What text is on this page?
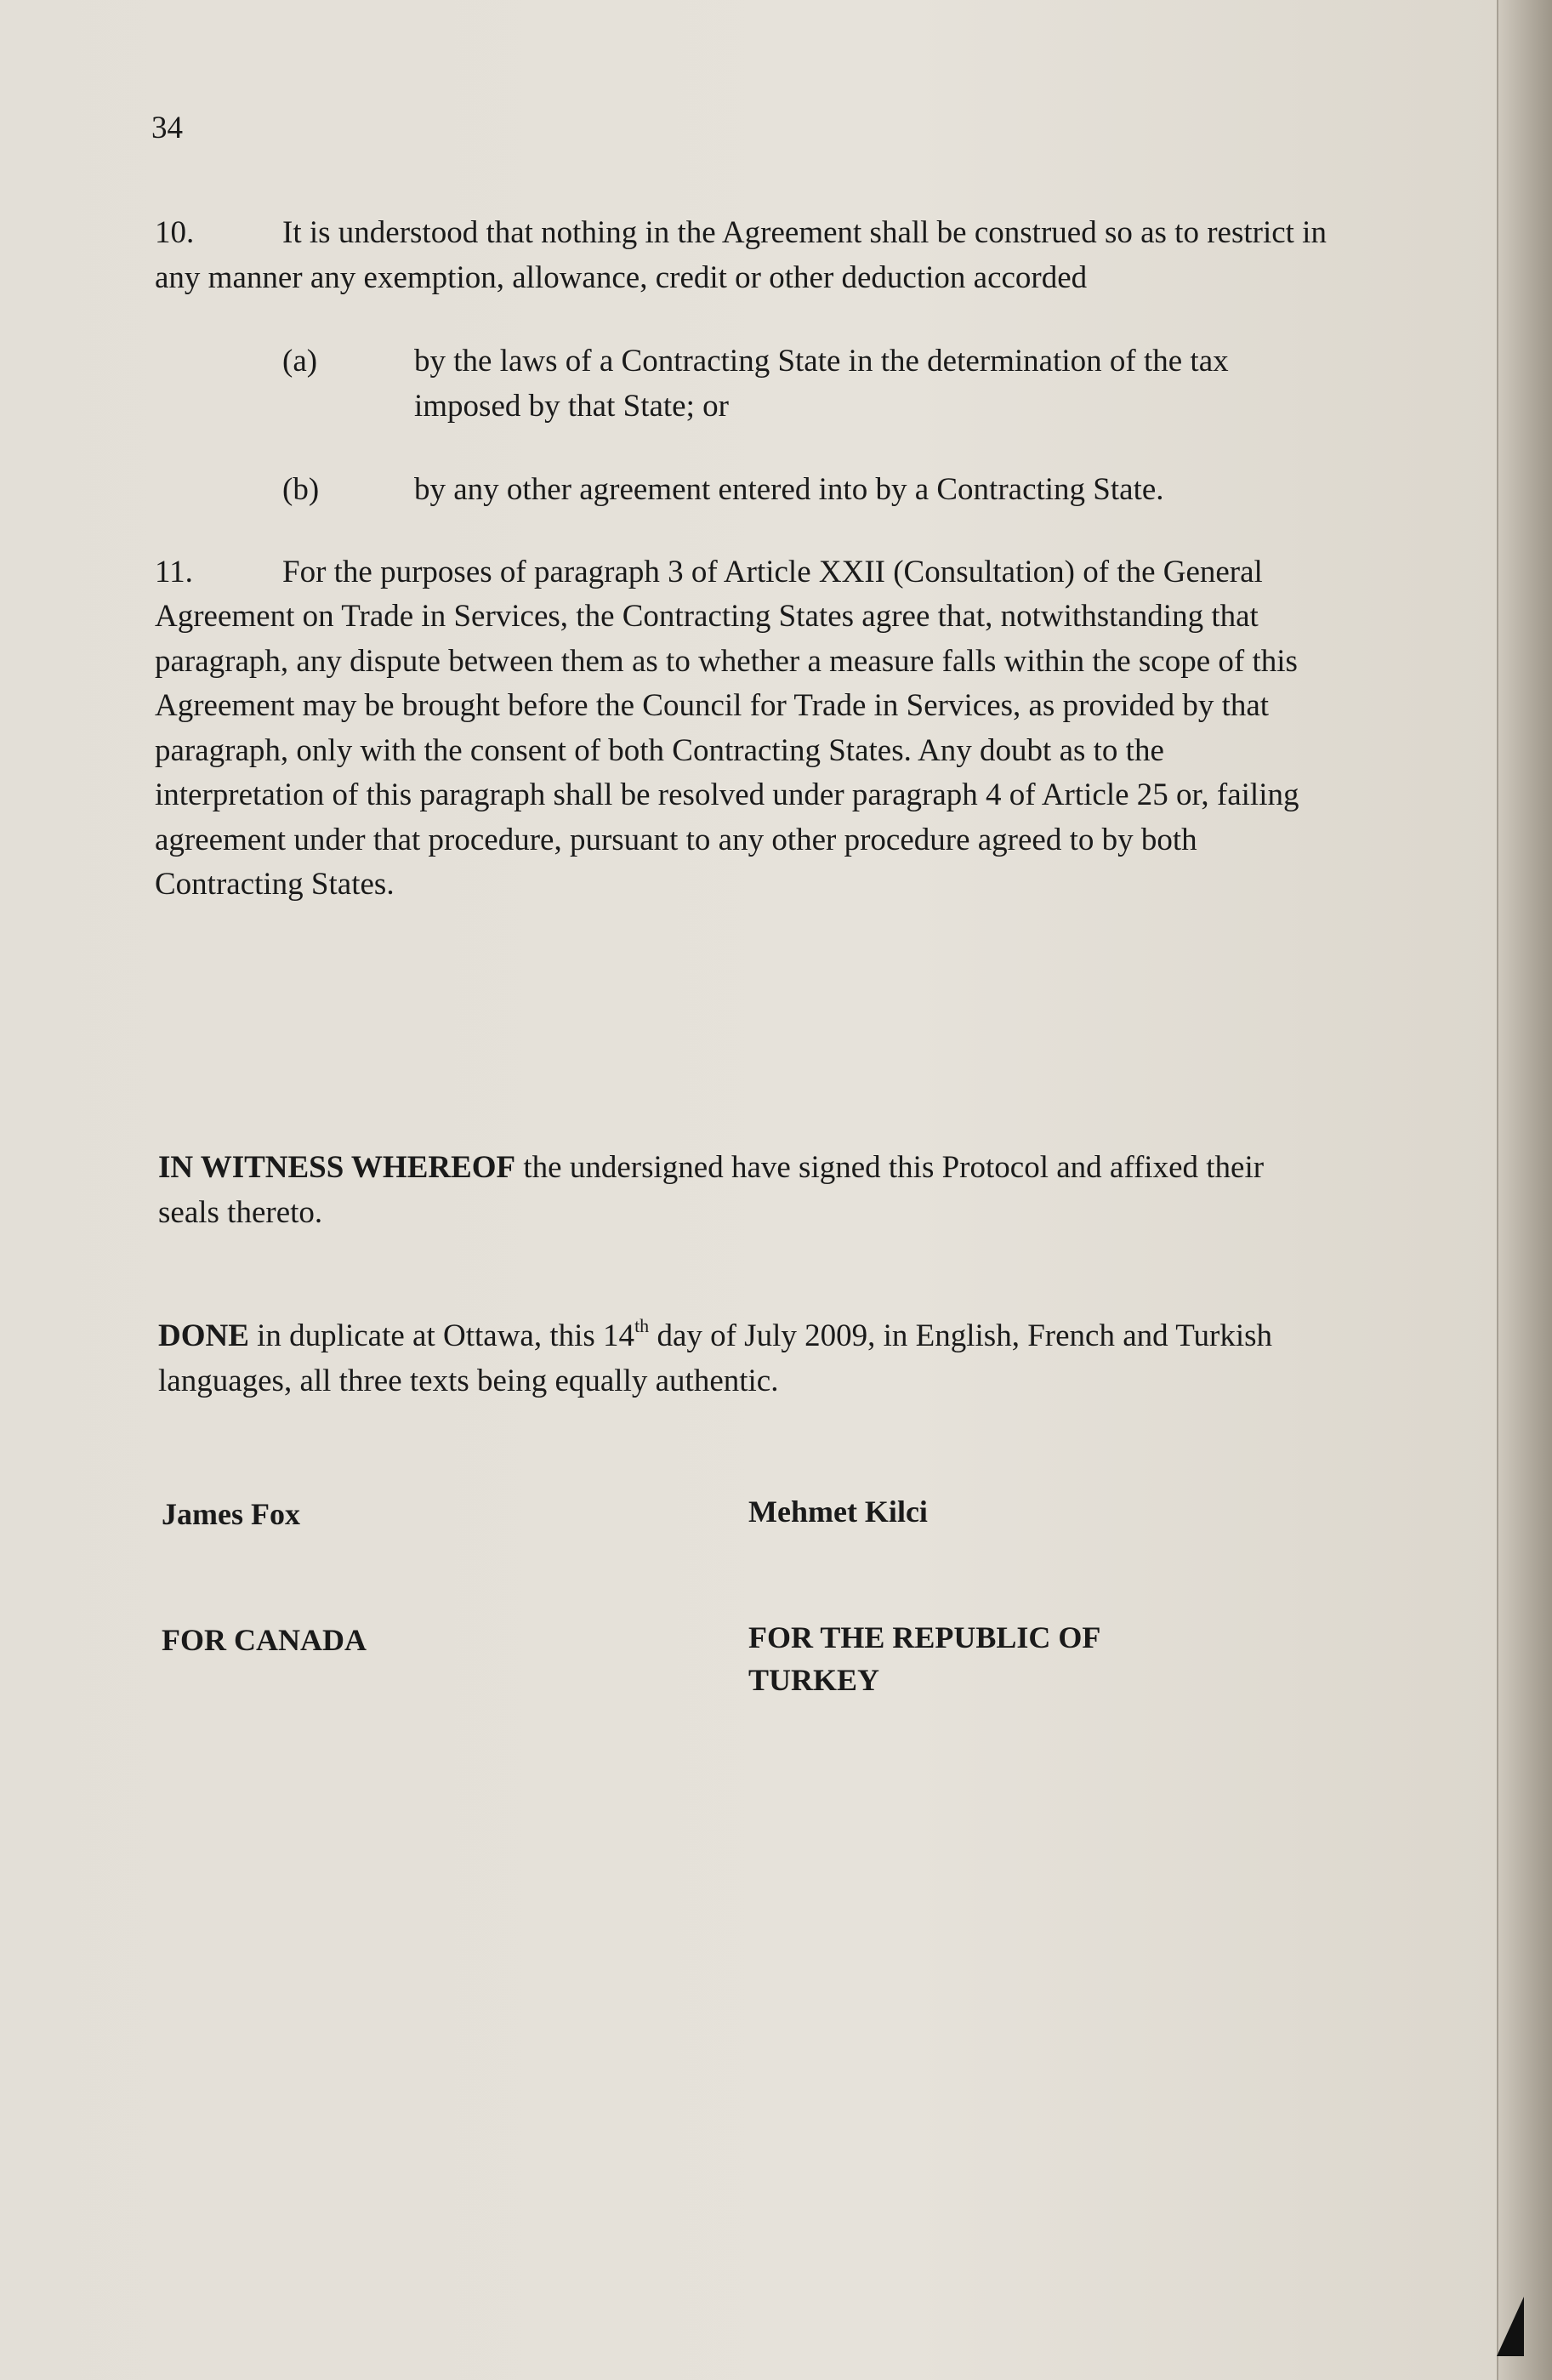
34
10.	It is understood that nothing in the Agreement shall be construed so as to restrict in any manner any exemption, allowance, credit or other deduction accorded
(a)	by the laws of a Contracting State in the determination of the tax imposed by that State; or
(b)	by any other agreement entered into by a Contracting State.
11.	For the purposes of paragraph 3 of Article XXII (Consultation) of the General Agreement on Trade in Services, the Contracting States agree that, notwithstanding that paragraph, any dispute between them as to whether a measure falls within the scope of this Agreement may be brought before the Council for Trade in Services, as provided by that paragraph, only with the consent of both Contracting States. Any doubt as to the interpretation of this paragraph shall be resolved under paragraph 4 of Article 25 or, failing agreement under that procedure, pursuant to any other procedure agreed to by both Contracting States.
IN WITNESS WHEREOF the undersigned have signed this Protocol and affixed their seals thereto.
DONE in duplicate at Ottawa, this 14th day of July 2009, in English, French and Turkish languages, all three texts being equally authentic.
James Fox	Mehmet Kilci
FOR CANADA	FOR THE REPUBLIC OF TURKEY
